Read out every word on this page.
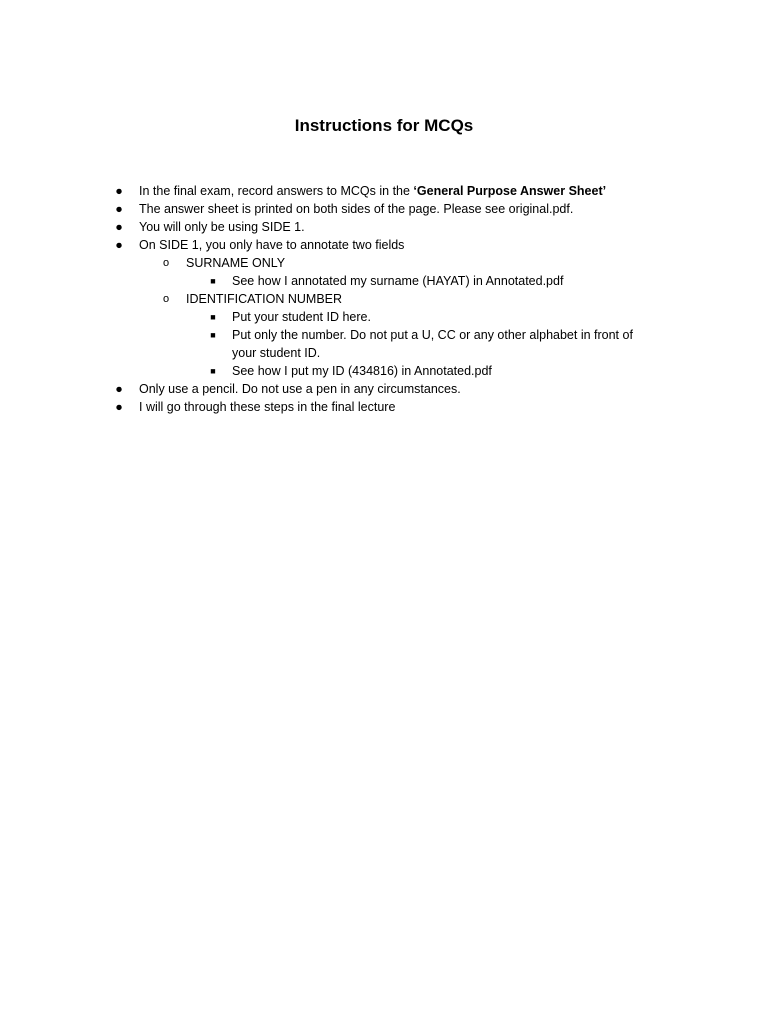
Instructions for MCQs
●	In the final exam, record answers to MCQs in the ‘General Purpose Answer Sheet’
●	The answer sheet is printed on both sides of the page. Please see original.pdf.
●	You will only be using SIDE 1.
●	On SIDE 1, you only have to annotate two fields
o	SURNAME ONLY
■	See how I annotated my surname (HAYAT) in Annotated.pdf
o	IDENTIFICATION NUMBER
■	Put your student ID here.
■	Put only the number. Do not put a U, CC or any other alphabet in front of your student ID.
■	See how I put my ID (434816) in Annotated.pdf
●	Only use a pencil. Do not use a pen in any circumstances.
●	I will go through these steps in the final lecture
